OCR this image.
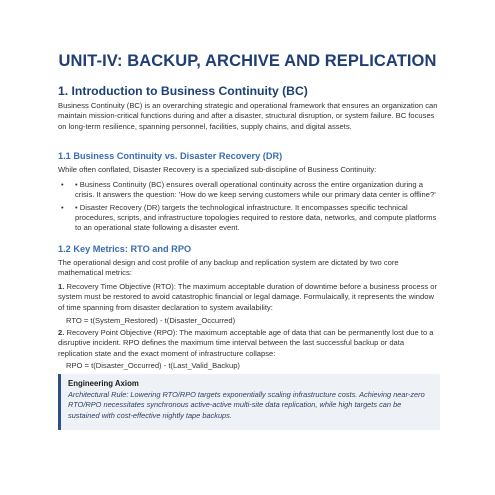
UNIT-IV: BACKUP, ARCHIVE AND REPLICATION
1. Introduction to Business Continuity (BC)
Business Continuity (BC) is an overarching strategic and operational framework that ensures an organization can maintain mission-critical functions during and after a disaster, structural disruption, or system failure. BC focuses on long-term resilience, spanning personnel, facilities, supply chains, and digital assets.
1.1 Business Continuity vs. Disaster Recovery (DR)
While often conflated, Disaster Recovery is a specialized sub-discipline of Business Continuity:
• • Business Continuity (BC) ensures overall operational continuity across the entire organization during a crisis. It answers the question: 'How do we keep serving customers while our primary data center is offline?'
• • Disaster Recovery (DR) targets the technological infrastructure. It encompasses specific technical procedures, scripts, and infrastructure topologies required to restore data, networks, and compute platforms to an operational state following a disaster event.
1.2 Key Metrics: RTO and RPO
The operational design and cost profile of any backup and replication system are dictated by two core mathematical metrics:
1. Recovery Time Objective (RTO): The maximum acceptable duration of downtime before a business process or system must be restored to avoid catastrophic financial or legal damage. Formulaically, it represents the window of time spanning from disaster declaration to system availability:
RTO = t(System_Restored) - t(Disaster_Occurred)
2. Recovery Point Objective (RPO): The maximum acceptable age of data that can be permanently lost due to a disruptive incident. RPO defines the maximum time interval between the last successful backup or data replication state and the exact moment of infrastructure collapse:
RPO = t(Disaster_Occurred) - t(Last_Valid_Backup)
Engineering Axiom
Architectural Rule: Lowering RTO/RPO targets exponentially scaling infrastructure costs. Achieving near-zero RTO/RPO necessitates synchronous active-active multi-site data replication, while high targets can be sustained with cost-effective nightly tape backups.
